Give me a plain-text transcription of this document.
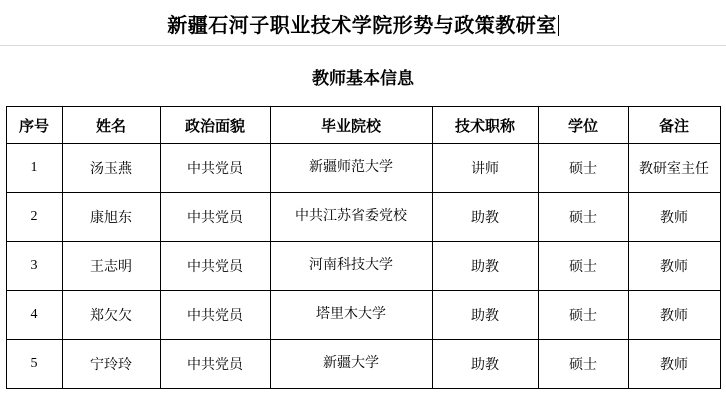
新疆石河子职业技术学院形势与政策教研室
教师基本信息
序号	姓名	政治面貌	毕业院校	技术职称	学位	备注
1	汤玉燕	中共党员	新疆师范大学	讲师	硕士	教研室主任
2	康旭东	中共党员	中共江苏省委党校	助教	硕士	教师
3	王志明	中共党员	河南科技大学	助教	硕士	教师
4	郑欠欠	中共党员	塔里木大学	助教	硕士	教师
5	宁玲玲	中共党员	新疆大学	助教	硕士	教师
